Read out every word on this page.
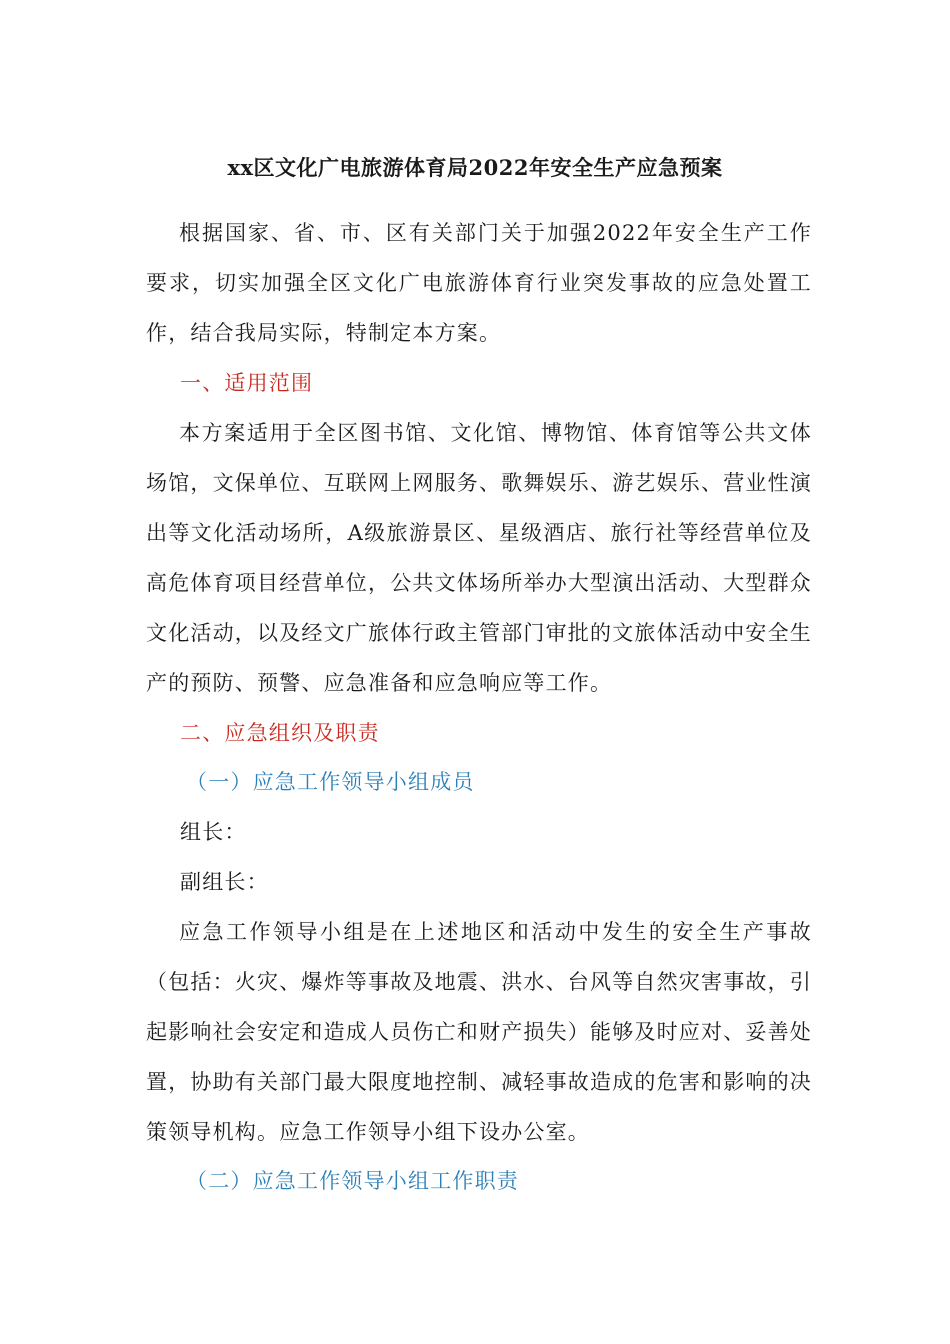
xx区文化广电旅游体育局2022年安全生产应急预案

根据国家、省、市、区有关部门关于加强2022年安全生产工作要求，切实加强全区文化广电旅游体育行业突发事故的应急处置工作，结合我局实际，特制定本方案。

一、适用范围

本方案适用于全区图书馆、文化馆、博物馆、体育馆等公共文体场馆，文保单位、互联网上网服务、歌舞娱乐、游艺娱乐、营业性演出等文化活动场所，A级旅游景区、星级酒店、旅行社等经营单位及高危体育项目经营单位，公共文体场所举办大型演出活动、大型群众文化活动，以及经文广旅体行政主管部门审批的文旅体活动中安全生产的预防、预警、应急准备和应急响应等工作。

二、应急组织及职责
（一）应急工作领导小组成员
组长：
副组长：

应急工作领导小组是在上述地区和活动中发生的安全生产事故（包括：火灾、爆炸等事故及地震、洪水、台风等自然灾害事故，引起影响社会安定和造成人员伤亡和财产损失）能够及时应对、妥善处置，协助有关部门最大限度地控制、减轻事故造成的危害和影响的决策领导机构。应急工作领导小组下设办公室。

（二）应急工作领导小组工作职责
